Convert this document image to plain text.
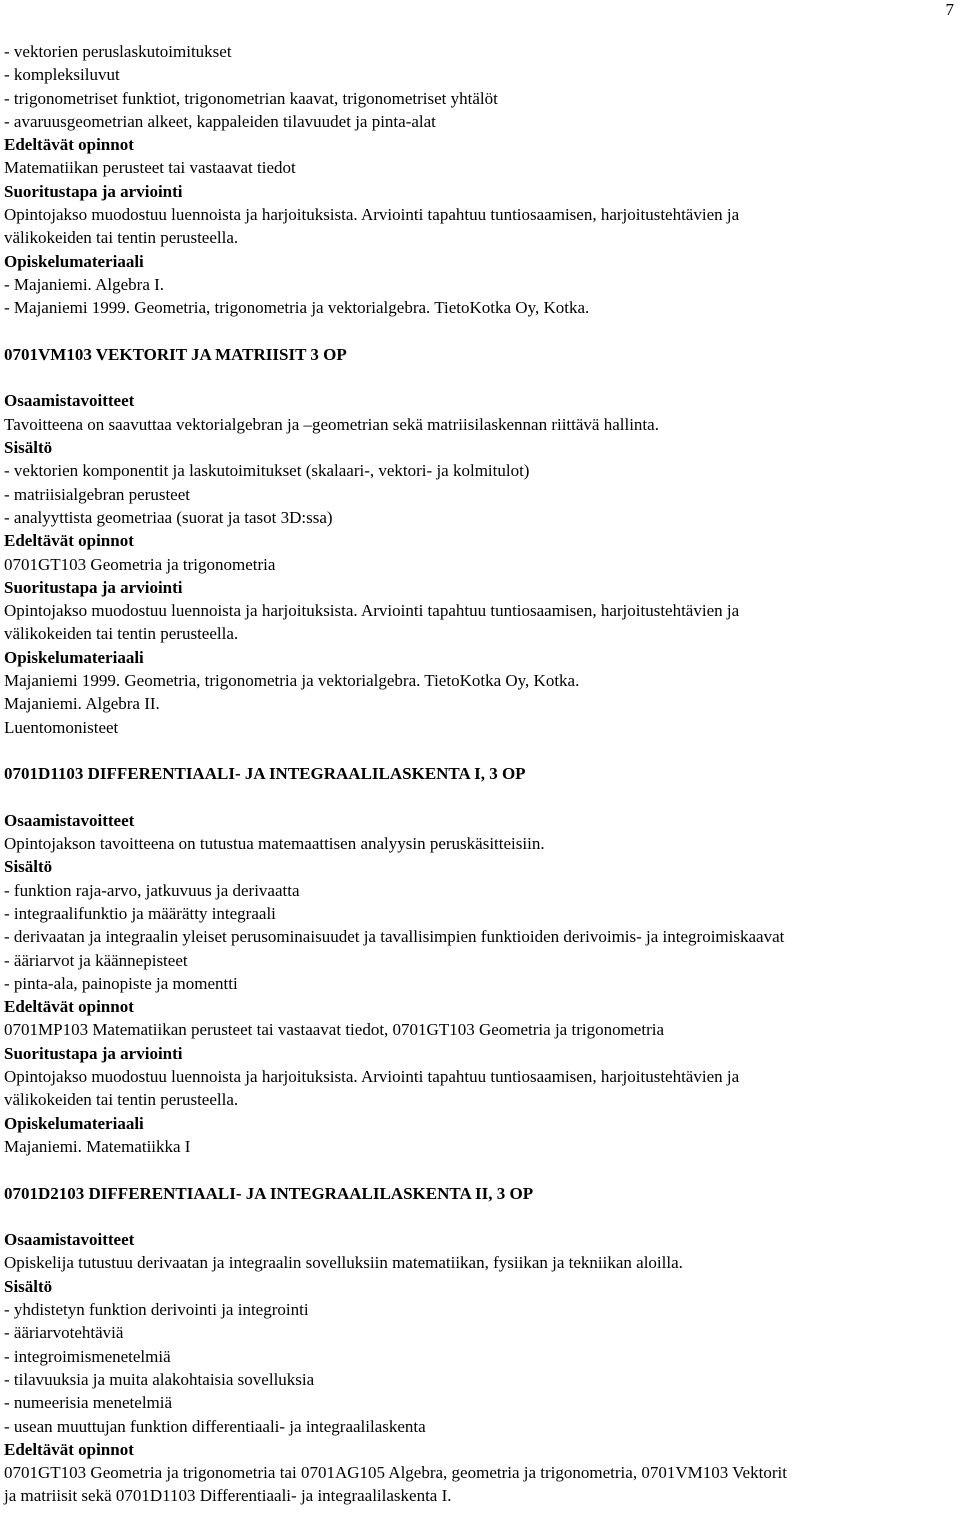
7

- vektorien peruslaskutoimitukset

- kompleksiluvut

- trigonometriset funktiot, trigonometrian kaavat, trigonometriset yhtälöt

- avaruusgeometrian alkeet, kappaleiden tilavuudet ja pinta-alat

Edeltävät opinnot

Matematiikan perusteet tai vastaavat tiedot

Suoritustapa ja arviointi

Opintojakso muodostuu luennoista ja harjoituksista. Arviointi tapahtuu tuntiosaamisen, harjoitustehtävien ja

välikokeiden tai tentin perusteella.

Opiskelumateriaali

- Majaniemi. Algebra I.

- Majaniemi 1999. Geometria, trigonometria ja vektorialgebra. TietoKotka Oy, Kotka.

0701VM103 VEKTORIT JA MATRIISIT 3 OP

Osaamistavoitteet

Tavoitteena on saavuttaa vektorialgebran ja –geometrian sekä matriisilaskennan riittävä hallinta.

Sisältö

- vektorien komponentit ja laskutoimitukset (skalaari-, vektori- ja kolmitulot)

- matriisialgebran perusteet

- analyyttista geometriaa (suorat ja tasot 3D:ssa)

Edeltävät opinnot

0701GT103 Geometria ja trigonometria

Suoritustapa ja arviointi

Opintojakso muodostuu luennoista ja harjoituksista. Arviointi tapahtuu tuntiosaamisen, harjoitustehtävien ja

välikokeiden tai tentin perusteella.

Opiskelumateriaali

Majaniemi 1999. Geometria, trigonometria ja vektorialgebra. TietoKotka Oy, Kotka.

Majaniemi. Algebra II.

Luentomonisteet

0701D1103 DIFFERENTIAALI- JA INTEGRAALILASKENTA I, 3 OP

Osaamistavoitteet

Opintojakson tavoitteena on tutustua matemaattisen analyysin peruskäsitteisiin.

Sisältö

- funktion raja-arvo, jatkuvuus ja derivaatta

- integraalifunktio ja määrätty integraali

- derivaatan ja integraalin yleiset perusominaisuudet ja tavallisimpien funktioiden derivoimis- ja integroimiskaavat

- ääriarvot ja käännepisteet

- pinta-ala, painopiste ja momentti

Edeltävät opinnot

0701MP103 Matematiikan perusteet tai vastaavat tiedot, 0701GT103 Geometria ja trigonometria

Suoritustapa ja arviointi

Opintojakso muodostuu luennoista ja harjoituksista. Arviointi tapahtuu tuntiosaamisen, harjoitustehtävien ja

välikokeiden tai tentin perusteella.

Opiskelumateriaali

Majaniemi. Matematiikka I

0701D2103 DIFFERENTIAALI- JA INTEGRAALILASKENTA II, 3 OP

Osaamistavoitteet

Opiskelija tutustuu derivaatan ja integraalin sovelluksiin matematiikan, fysiikan ja tekniikan aloilla.

Sisältö

- yhdistetyn funktion derivointi ja integrointi

- ääriarvotehtäviä

- integroimismenetelmiä

- tilavuuksia ja muita alakohtaisia sovelluksia

- numeerisia menetelmiä

- usean muuttujan funktion differentiaali- ja integraalilaskenta

Edeltävät opinnot

0701GT103 Geometria ja trigonometria tai 0701AG105 Algebra, geometria ja trigonometria, 0701VM103 Vektorit

ja matriisit sekä 0701D1103 Differentiaali- ja integraalilaskenta I.
